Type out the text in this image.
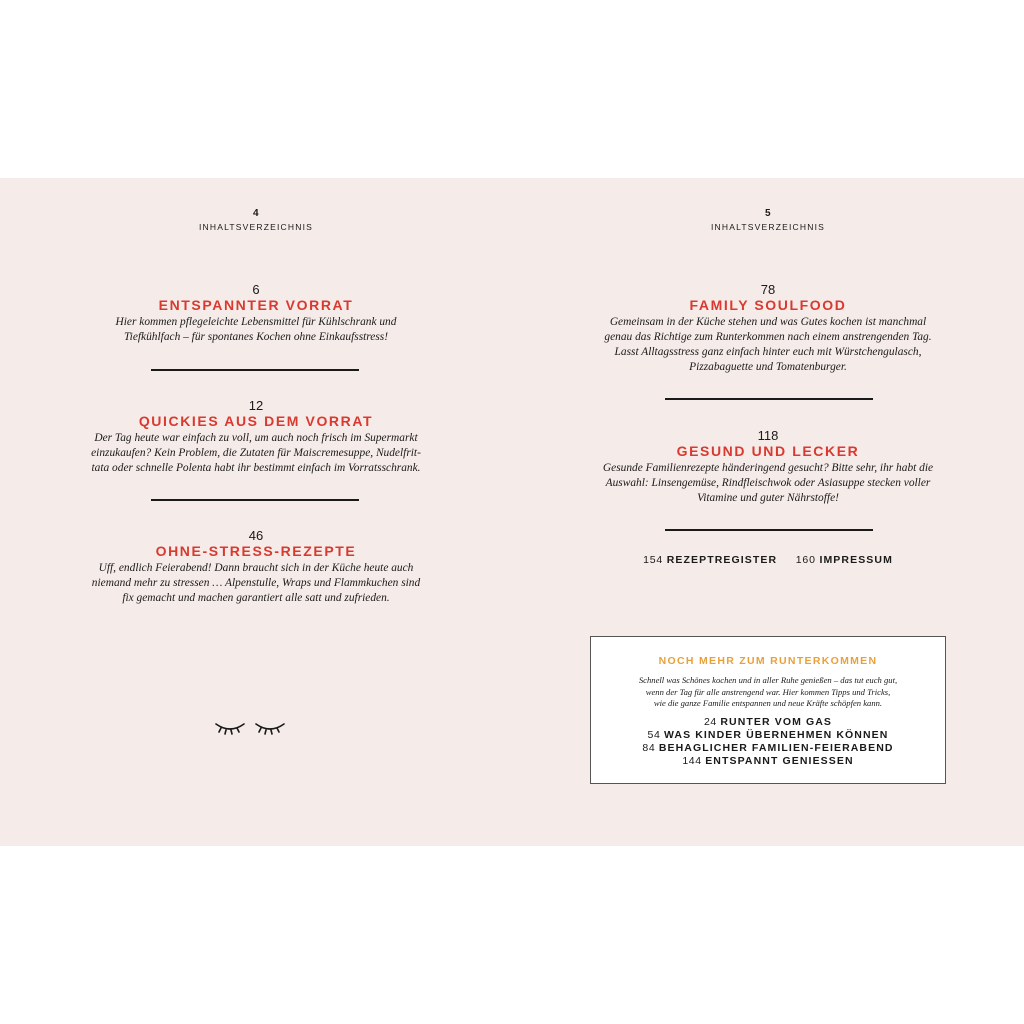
4
INHALTSVERZEICHNIS
6
ENTSPANNTER VORRAT
Hier kommen pflegeleichte Lebensmittel für Kühlschrank und
Tiefkühlfach – für spontanes Kochen ohne Einkaufsstress!
12
QUICKIES AUS DEM VORRAT
Der Tag heute war einfach zu voll, um auch noch frisch im Supermarkt
einzukaufen? Kein Problem, die Zutaten für Maiscremesuppe, Nudelfrit-
tata oder schnelle Polenta habt ihr bestimmt einfach im Vorratsschrank.
46
OHNE-STRESS-REZEPTE
Uff, endlich Feierabend! Dann braucht sich in der Küche heute auch
niemand mehr zu stressen … Alpenstulle, Wraps und Flammkuchen sind
fix gemacht und machen garantiert alle satt und zufrieden.
5
INHALTSVERZEICHNIS
78
FAMILY SOULFOOD
Gemeinsam in der Küche stehen und was Gutes kochen ist manchmal
genau das Richtige zum Runterkommen nach einem anstrengenden Tag.
Lasst Alltagsstress ganz einfach hinter euch mit Würstchengulasch,
Pizzabaguette und Tomatenburger.
118
GESUND UND LECKER
Gesunde Familienrezepte händeringend gesucht? Bitte sehr, ihr habt die
Auswahl: Linsengemüse, Rindfleischwok oder Asiasuppe stecken voller
Vitamine und guter Nährstoffe!
154 REZEPTREGISTER 160 IMPRESSUM
NOCH MEHR ZUM RUNTERKOMMEN
Schnell was Schönes kochen und in aller Ruhe genießen – das tut euch gut,
wenn der Tag für alle anstrengend war. Hier kommen Tipps und Tricks,
wie die ganze Familie entspannen und neue Kräfte schöpfen kann.
24 RUNTER VOM GAS
54 WAS KINDER ÜBERNEHMEN KÖNNEN
84 BEHAGLICHER FAMILIEN-FEIERABEND
144 ENTSPANNT GENIESSEN
